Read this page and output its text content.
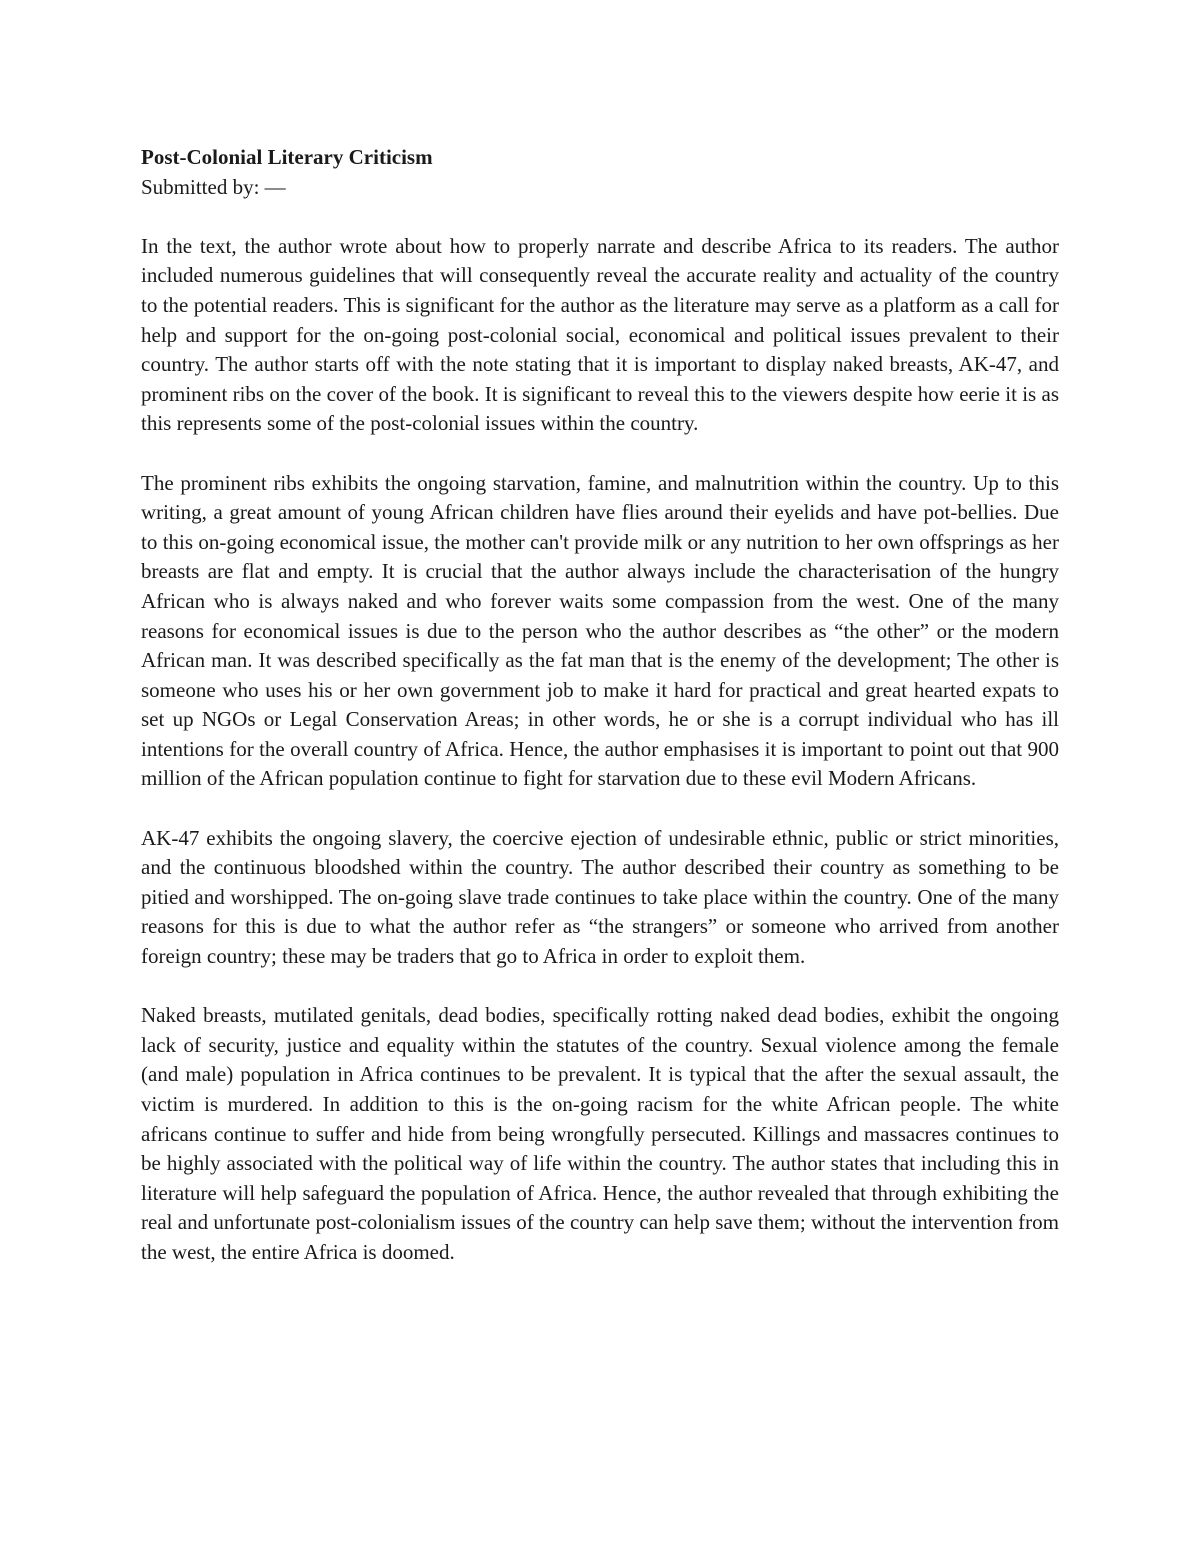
Post-Colonial Literary Criticism

Submitted by: —

In the text, the author wrote about how to properly narrate and describe Africa to its readers. The author included numerous guidelines that will consequently reveal the accurate reality and actuality of the country to the potential readers. This is significant for the author as the literature may serve as a platform as a call for help and support for the on-going post-colonial social, economical and political issues prevalent to their country. The author starts off with the note stating that it is important to display naked breasts, AK-47, and prominent ribs on the cover of the book. It is significant to reveal this to the viewers despite how eerie it is as this represents some of the post-colonial issues within the country.

The prominent ribs exhibits the ongoing starvation, famine, and malnutrition within the country. Up to this writing, a great amount of young African children have flies around their eyelids and have pot-bellies. Due to this on-going economical issue, the mother can't provide milk or any nutrition to her own offsprings as her breasts are flat and empty. It is crucial that the author always include the characterisation of the hungry African who is always naked and who forever waits some compassion from the west. One of the many reasons for economical issues is due to the person who the author describes as “the other” or the modern African man. It was described specifically as the fat man that is the enemy of the development; The other is someone who uses his or her own government job to make it hard for practical and great hearted expats to set up NGOs or Legal Conservation Areas; in other words, he or she is a corrupt individual who has ill intentions for the overall country of Africa. Hence, the author emphasises it is important to point out that 900 million of the African population continue to fight for starvation due to these evil Modern Africans.

AK-47 exhibits the ongoing slavery, the coercive ejection of undesirable ethnic, public or strict minorities, and the continuous bloodshed within the country. The author described their country as something to be pitied and worshipped. The on-going slave trade continues to take place within the country. One of the many reasons for this is due to what the author refer as “the strangers” or someone who arrived from another foreign country; these may be traders that go to Africa in order to exploit them.

Naked breasts, mutilated genitals, dead bodies, specifically rotting naked dead bodies, exhibit the ongoing lack of security, justice and equality within the statutes of the country. Sexual violence among the female (and male) population in Africa continues to be prevalent. It is typical that the after the sexual assault, the victim is murdered. In addition to this is the on-going racism for the white African people. The white africans continue to suffer and hide from being wrongfully persecuted. Killings and massacres continues to be highly associated with the political way of life within the country. The author states that including this in literature will help safeguard the population of Africa. Hence, the author revealed that through exhibiting the real and unfortunate post-colonialism issues of the country can help save them; without the intervention from the west, the entire Africa is doomed.
